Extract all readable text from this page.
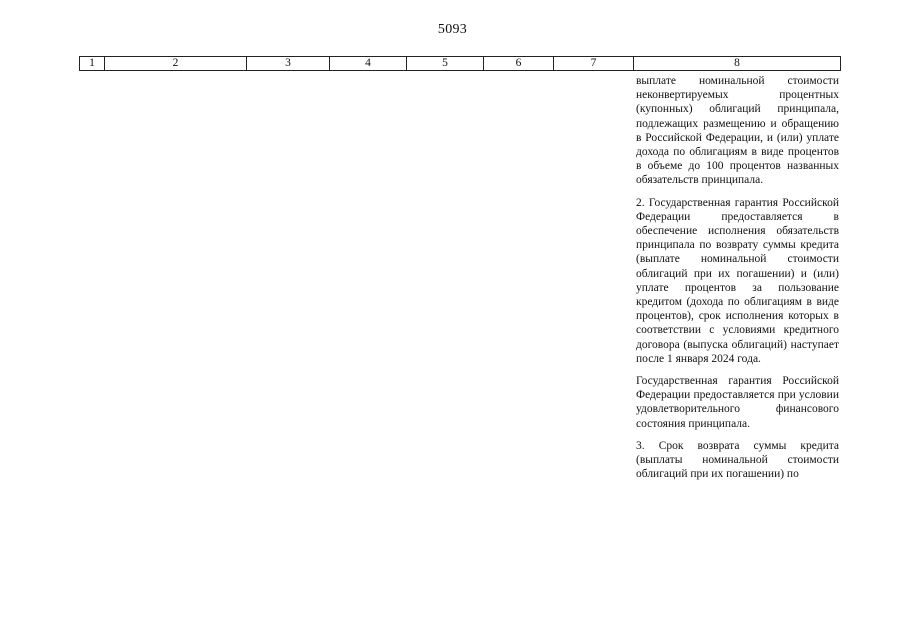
5093
1	2	3	4	5	6	7	8

выплате номинальной стоимости неконвертируемых процентных (купонных) облигаций принципала, подлежащих размещению и обращению в Российской Федерации, и (или) уплате дохода по облигациям в виде процентов в объеме до 100 процентов названных обязательств принципала.

2. Государственная гарантия Российской Федерации предоставляется в обеспечение исполнения обязательств принципала по возврату суммы кредита (выплате номинальной стоимости облигаций при их погашении) и (или) уплате процентов за пользование кредитом (дохода по облигациям в виде процентов), срок исполнения которых в соответствии с условиями кредитного договора (выпуска облигаций) наступает после 1 января 2024 года.

Государственная гарантия Российской Федерации предоставляется при условии удовлетворительного финансового состояния принципала.

3. Срок возврата суммы кредита (выплаты номинальной стоимости облигаций при их погашении) по
